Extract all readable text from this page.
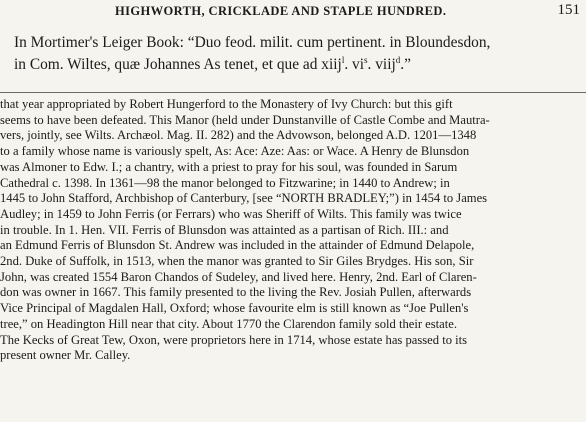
HIGHWORTH, CRICKLADE AND STAPLE HUNDRED.	151
In Mortimer's Leiger Book: “Duo feod. milit. cum pertinent. in Bloundesdon,
in Com. Wiltes, quæ Johannes As tenet, et que ad xiij$^l$. $vi^s$. viij$^d$.”
that year appropriated by Robert Hungerford to the Monastery of Ivy Church: but this gift
seems to have been defeated. This Manor (held under Dunstanville of Castle Combe and Mautra-
vers, jointly, see Wilts. Archæol. Mag. II. 282) and the Advowson, belonged A.D. 1201—1348
to a family whose name is variously spelt, As: Ace: Aze: Aas: or Wace. A Henry de Blunsdon
was Almoner to Edw. I.; a chantry, with a priest to pray for his soul, was founded in Sarum
Cathedral c. 1398. In 1361—98 the manor belonged to Fitzwarine; in 1440 to Andrew; in
1445 to John Stafford, Archbishop of Canterbury, [see “NORTH BRADLEY;”) in 1454 to James
Audley; in 1459 to John Ferris (or Ferrars) who was Sheriff of Wilts. This family was twice
in trouble. In 1. Hen. VII. Ferris of Blunsdon was attainted as a partisan of Rich. III.: and
an Edmund Ferris of Blunsdon St. Andrew was included in the attainder of Edmund Delapole,
2nd. Duke of Suffolk, in 1513, when the manor was granted to Sir Giles Brydges. His son, Sir
John, was created 1554 Baron Chandos of Sudeley, and lived here. Henry, 2nd. Earl of Claren-
don was owner in 1667. This family presented to the living the Rev. Josiah Pullen, afterwards
Vice Principal of Magdalen Hall, Oxford; whose favourite elm is still known as “Joe Pullen's
tree,” on Headington Hill near that city. About 1770 the Clarendon family sold their estate.
The Kecks of Great Tew, Oxon, were proprietors here in 1714, whose estate has passed to its
present owner Mr. Calley.
